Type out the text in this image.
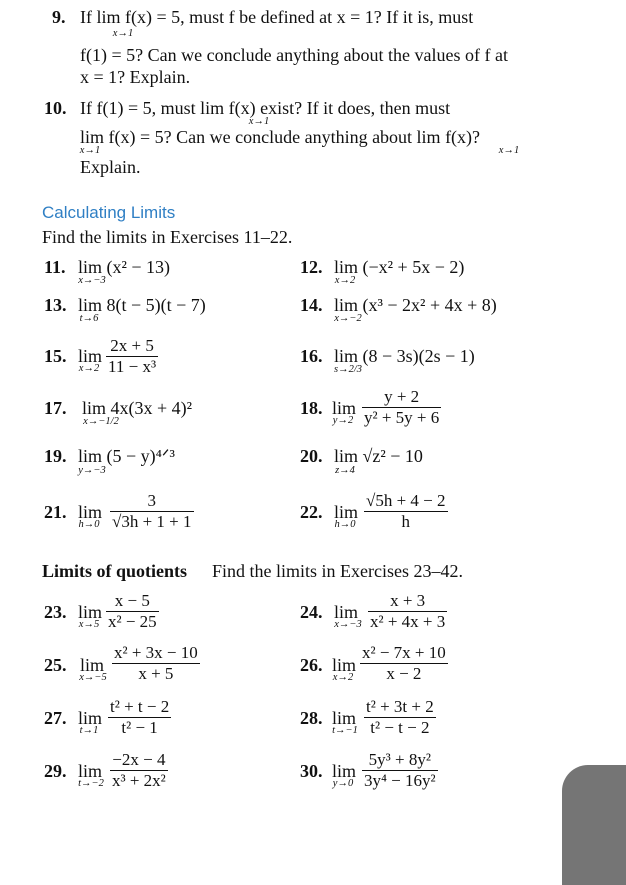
9. If lim f(x) = 5, must f be defined at x = 1? If it is, must
x→1
f(1) = 5? Can we conclude anything about the values of f at
x = 1? Explain.
10. If f(1) = 5, must lim f(x) exist? If it does, then must
x→1
lim f(x) = 5? Can we conclude anything about lim f(x)?
x→1	x→1
Explain.
Calculating Limits
Find the limits in Exercises 11–22.
11. lim (x² − 13)
x→−3
12. lim (−x² + 5x − 2)
x→2
13. lim 8(t − 5)(t − 7)
t→6
14. lim (x³ − 2x² + 4x + 8)
x→−2
15. lim
$x\to 2 \frac{2x + 5}{\text{11 − x³}}$	16. lim (8 − 3s)(2s − 1)
s→2/3
17. lim 4x(3x + 4)²
x→−1/2
18. lim
$y\to 2 \frac{y + 2}{\text{y² + 5y + 6}}$
19. lim (5 − y)⁴ᐟ³
y→−3
20. lim √z² − 10
z→4
21. lim
$h\to 0 \frac{3}{√3h + 1 + 1}$	22. lim
$h\to 0 \frac{√5h + 4 - 2}{h}$
Limits of quotients Find the limits in Exercises 23–42.
23. lim
$x\to 5 \frac{x - 5}{\text{x² − 25}}$	24. lim
$x\to-3 \frac{x + 3}{\text{x² + 4x + 3}}$
25. lim
$x\to-5 \frac{\text{x² + 3x − 10}}{x + 5}$	26. lim
$x\to 2 \frac{\text{x² − 7x + 10}}{x - 2}$
27. lim
$t\to 1 \frac{\text{t² + t − 2}}{\text{t² − 1}}$	28. lim
$t\to-1 \frac{\text{t² + 3t + 2}}{\text{t² − t − 2}}$
29. lim
$t\to-2 \frac{-2x - 4}{\text{x³ + 2x²}}$	30. lim
$y\to 0 \frac{\text{5y³ + 8y²}}{\text{3y⁴ − 16y²}}$
